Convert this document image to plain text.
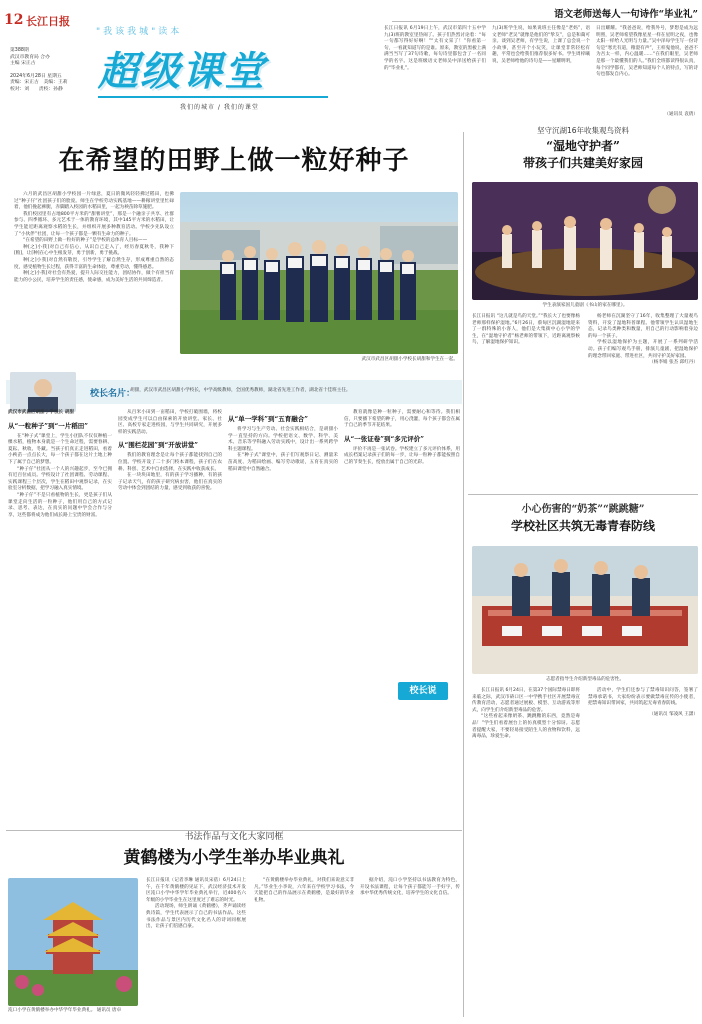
12 长江日报
第388期
武汉市教育局 合办
主编 宋正古
2024年6月28日 星期五
责编：宋正古　美编：王莉
校对：刘　　责校：孙静
"我该我城"读本
超级课堂
我们的城市 / 我们的课堂
语文老师送每人一句诗作“毕业礼”
长江日报讯 6月19日上午，武汉市第四十五中学九(3)班的教室里热闹了。孩子们热烈讨论着：“每一句都写得好好啊！”“太有文采了！”你看第一句，一看就知道写的是谁。原来，教室的黑板上满满当当写了37句诗歌，每句诗里都包含了一名同学的名字。这是班级语文老师吴中泽送给孩子们的“毕业礼”。
九(3)班学生说，如果说班主任像是“老妈”，语文老师“老吴”就像是他们的“挚友”，总是和蔼可亲。谈到吴老师，有学生说，上课了总会说一个小故事，甚至开个小玩笑，让课堂非常轻松有趣，平常也会给我们推荐很多好书。学生周梓曦说，吴老师给他的诗句是——星耀明明，
日出耀耀。“我爸爸说，给我外号，梦想是成为远明照，吴老师希望我像星星一样在星明之夜，也像太阳一样给人光明与力量。”吴中泽每学生写一份诗句是“寒光有道，稚澄有声”，王梓鬼他说，爸爸不为吾太一样，内心温暖……“在我们眼里，吴老师是那一个最懂我们的人。”我们全班都读得很认真，每个同学都有，吴老师知道每个人的特点，写的诗句也都发自内心。
（通讯员 袁倩）
在希望的田野上做一粒好种子
六月的武昌区胡甜小学校园一片绿意，夏日的微风轻轻拂过稻田，也拂过“种子仔”社团孩子们的脸庞。师生在学校劳动实践基地——耕稼讲堂里忙碌着，他们挽起裤腿，赤脚踏入校园的水稻田里，一起为秧苗除草施肥。
我们校园里有占地800平方米的“甜薯讲堂”，那是一个融亲子共享、社群参与、四季循环、多元艺术于一体的教育环境，其中145平方米的水稻田，让学生能近距离观察水稻的生长，并组织开展多种教育活动。学校少先队设立了“小伙伴”社团，让每一个孩子都是一颗有生命力的种子。
“在希望的田野上做一粒好的种子”是学校的总体育人目标——
种[之]小我]对自己有信心，从识自己走入了，经历春夏秋冬，我种下[粮]，让[种]在心中生根发芽，勇于创新，勇于挑战。
种[之]小我]对自然有敬畏，引导学生了解自然生存，形成尊重自然的态度，感受植物生长过程，获得丰富的生命体验，尊重劳动，懂得感恩。
种[之]小我]对社会有热爱，提升人际交往能力，团结协作，做个有担当有能力的小公民，培养学生的责任感，使命感，成为美好生活的共同缔造者。
武汉市武昌区胡甜小学校长胡甜和学生在一起。
校长名片：
胡甜，武汉市武昌区胡甜小学校长，中学高级教师，全国优秀教师，湖北省先进工作者，湖北省十佳班主任。
武汉市武昌区胡甜小学校长 胡甜
从“一粒种子”到“一片稻田”
在“种子式”课堂上，学生小团队不仅仅种植一棵水稻，植物本身就是一个生命过程，需要春耕、夏耘、秋收、冬藏。当孩子们真正走进稻田，看着小秧苗一点点长大，每一个孩子都在这片土地上种下了属于自己的梦想。
“种子仔”社团从一个人的兴趣起步，至今已拥有近百位成员。学校设计了社团课程、劳动课程、实践课程三个层次，学生在稻田中观察记录，在实验室分析数据，把学习融入真实情境。
“种子仔”不是只看植物的生长，更是孩子们从课堂走向生活的一粒种子，他们用自己的方式记录、思考、表达，在真实的问题中学会合作与分享，这些都将成为他们成长路上宝贵的财富。
从百米小田到一亩稻田，学校打破围墙，将校园变成学生可以自由探索的开放讲堂。家长、社区、高校专家走进校园，与学生共同研究，开展多样的实践活动。
从“围栏花园”到“开放讲堂”
我们的教育理念是让每个孩子都能找到自己的位置。学校开设了二十多门校本课程，孩子们在农耕、科创、艺术中自由选择，在实践中收获成长。
在一块块田地里，有的孩子学习播种，有的孩子记录天气，有的孩子研究病虫害，他们在真实的劳动中体会到团结的力量，感受到收获的喜悦。
从“单一学科”到“五育融合”
将学习与生产劳动、社会实践相结合，是胡甜小学一直坚持的方向。学校把语文、数学、科学、美术、音乐等学科融入劳动实践中，设计出一系列跨学科主题课程。
在“种子式”课堂中，孩子们写观察日记、测量禾苗高度、为稻田绘画、编写劳动歌谣，五育在真实的稻田课堂中自然融合。
教育就像是种一粒种子，需要耐心和等待。我们相信，只要播下希望的种子，用心浇灌，每个孩子都会在属于自己的季节开花结果。
从“一张证卷”到“多元评价”
评价不再是一张试卷。学校建立了多元评价体系，用成长档案记录孩子们的每一步，让每一粒种子都能按照自己的节奏生长，绽放出属于自己的光彩。
校长说
坚守沉湖16年收集观鸟资料
“湿地守护者”
带孩子们共建美好家园
学生表演家国儿童剧《书山的家在哪里》。
长江日报讯 “这儿就是鸟的天堂。”“我长大了也要像杨老师那样保护湿地。”6月26日，蔡甸区沉湖湿地迎来了一群特殊的小客人，他们是大集街中心小学的学生，在“湿地守护者”杨老师的带领下，近距离观察候鸟，了解湿地保护知识。
杨老师在沉湖坚守了16年，收集整理了大量观鸟资料，开发了湿地科普课程。他带领学生认识湿地生态，记录鸟类种类和数量，用自己的行动影响着身边的每一个孩子。
学校以湿地保护为主题，开展了一系列研学活动。孩子们编写观鸟手册，排演儿童剧，把湿地保护的理念带回家庭、带进社区，共同守护美好家园。
（杨李娟 张杰 邱红丹）
小心伤害的“奶茶”“跳跳糖”
学校社区共筑无毒青春防线
志愿者指导生介绍新型毒品的危害性。
长江日报讯 6月24日，在第37个国际禁毒日即将来临之际，武汉市硚口区一中学携手社区开展禁毒宣传教育活动，志愿者通过展板、模型、互动游戏等形式，向学生们介绍新型毒品的危害。
“这些看起来像奶茶、跳跳糖的东西，竟然是毒品！”学生们看着展台上的仿真模型十分惊讶。志愿者提醒大家，不要轻易接受陌生人的食物和饮料，远离毒品，珍爱生命。
活动中，学生们还参与了禁毒知识问答，签署了禁毒承诺书，大家纷纷表示要做禁毒宣传的小使者，把禁毒知识带回家，共同筑起无毒青春防线。
（通讯员 邹凌风 王潇）
书法作品与文化大家同框
黄鹤楼为小学生举办毕业典礼
沌口小学在黄鹤楼举办中华学年毕业典礼。 通讯员 唐卓
长江日报讯（记者李琳 通讯员宋蓓）6月24日上午，在千年黄鹤楼的见证下，武汉经济技术开发区沌口小学中华学年毕业典礼举行，近400名六年级的小学毕业生在这里度过了难忘的时光。
活动现场，师生朗诵《黄鹤楼》，齐声诵读经典诗篇，学生代表展示了自己的书法作品。这些书法作品与景区内历代文化名人的诗词同框展出，让孩子们倍感自豪。
“在黄鹤楼举办毕业典礼，对我们来说意义非凡。”毕业生小李说，六年来在学校学习书法，今天能把自己的作品展示在黄鹤楼，是最好的毕业礼物。
据介绍，沌口小学坚持以书法教育为特色，开设书法课程，让每个孩子都能写一手好字，传承中华优秀传统文化，培养学生的文化自信。
